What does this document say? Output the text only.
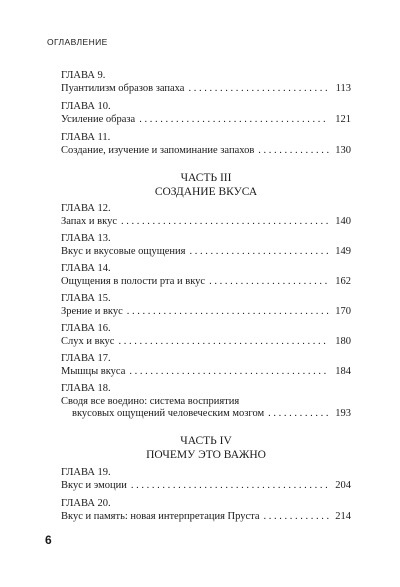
ОГЛАВЛЕНИЕ
ГЛАВА 9.
Пуантилизм образов запаха . . .	113
ГЛАВА 10.
Усиление образа . . .	121
ГЛАВА 11.
Создание, изучение и запоминание запахов . . .	130
ЧАСТЬ III
СОЗДАНИЕ ВКУСА
ГЛАВА 12.
Запах и вкус . . .	140
ГЛАВА 13.
Вкус и вкусовые ощущения . . .	149
ГЛАВА 14.
Ощущения в полости рта и вкус . . .	162
ГЛАВА 15.
Зрение и вкус . . .	170
ГЛАВА 16.
Слух и вкус . . .	180
ГЛАВА 17.
Мышцы вкуса . . .	184
ГЛАВА 18.
Сводя все воедино: система восприятия
вкусовых ощущений человеческим мозгом . . .	193
ЧАСТЬ IV
ПОЧЕМУ ЭТО ВАЖНО
ГЛАВА 19.
Вкус и эмоции . . .	204
ГЛАВА 20.
Вкус и память: новая интерпретация Пруста . . .	214
6
